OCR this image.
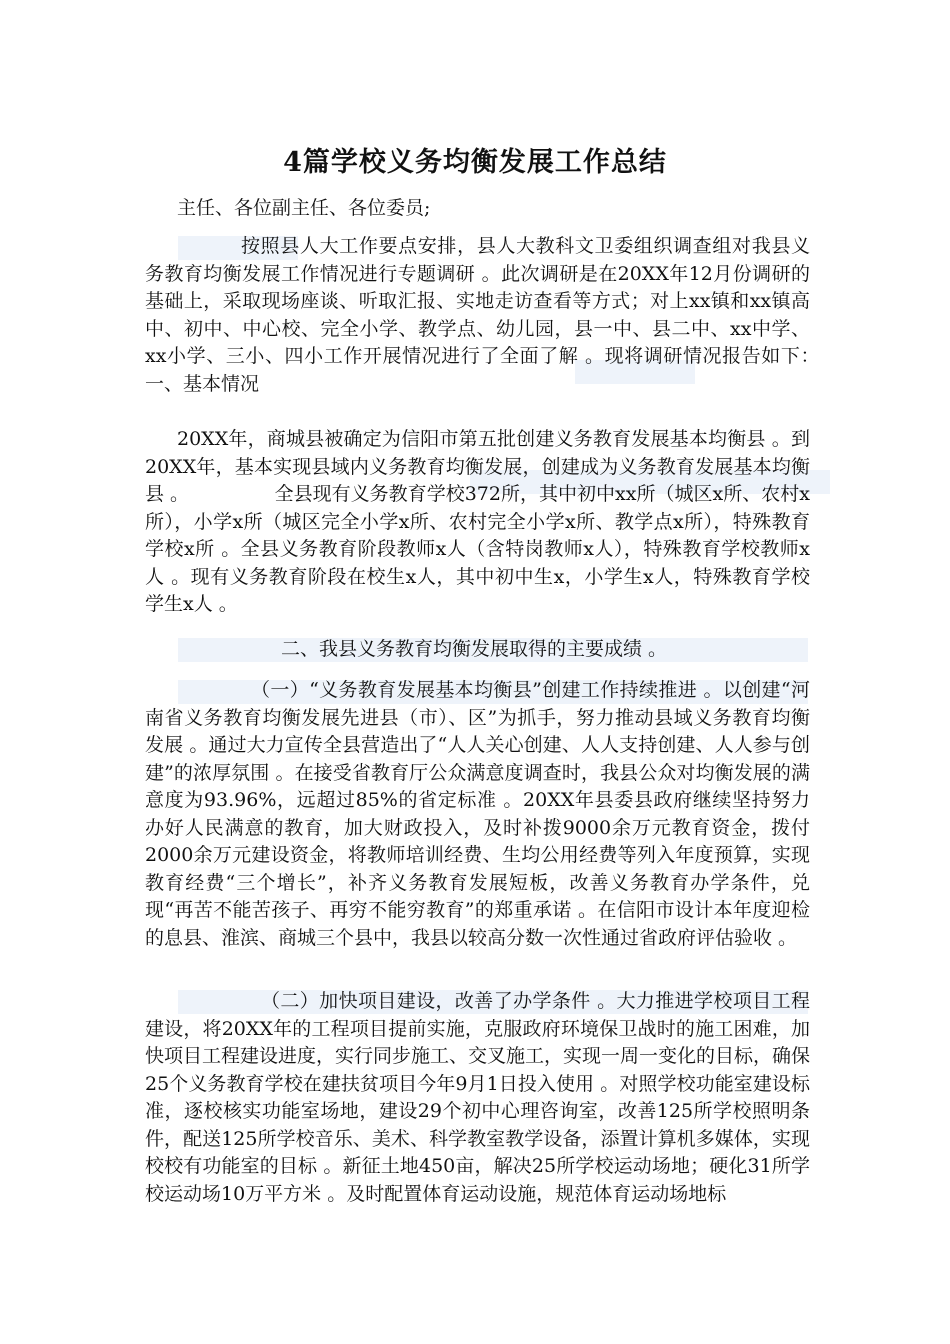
4篇学校义务均衡发展工作总结
主任、各位副主任、各位委员;
按照县人大工作要点安排，县人大教科文卫委组织调查组对我县义务教育均衡发展工作情况进行专题调研 。此次调研是在20XX年12月份调研的基础上，采取现场座谈、听取汇报、实地走访查看等方式；对上xx镇和xx镇高中、初中、中心校、完全小学、教学点、幼儿园，县一中、县二中、xx中学、xx小学、三小、四小工作开展情况进行了全面了解 。现将调研情况报告如下：　　　　　　　一、基本情况
20XX年，商城县被确定为信阳市第五批创建义务教育发展基本均衡县 。到20XX年，基本实现县域内义务教育均衡发展，创建成为义务教育发展基本均衡县 。　　　　　全县现有义务教育学校372所，其中初中xx所（城区x所、农村x所），小学x所（城区完全小学x所、农村完全小学x所、教学点x所），特殊教育学校x所 。全县义务教育阶段教师x人（含特岗教师x人），特殊教育学校教师x人 。现有义务教育阶段在校生x人，其中初中生x，小学生x人，特殊教育学校学生x人 。
二、我县义务教育均衡发展取得的主要成绩 。
（一）“义务教育发展基本均衡县”创建工作持续推进 。以创建“河南省义务教育均衡发展先进县（市）、区”为抓手，努力推动县域义务教育均衡发展 。通过大力宣传全县营造出了“人人关心创建、人人支持创建、人人参与创建”的浓厚氛围 。在接受省教育厅公众满意度调查时，我县公众对均衡发展的满意度为93.96%，远超过85%的省定标准 。20XX年县委县政府继续坚持努力办好人民满意的教育，加大财政投入，及时补拨9000余万元教育资金，拨付2000余万元建设资金，将教师培训经费、生均公用经费等列入年度预算，实现教育经费“三个增长”，补齐义务教育发展短板，改善义务教育办学条件，兑现“再苦不能苦孩子、再穷不能穷教育”的郑重承诺 。在信阳市设计本年度迎检的息县、淮滨、商城三个县中，我县以较高分数一次性通过省政府评估验收 。
（二）加快项目建设，改善了办学条件 。大力推进学校项目工程建设，将20XX年的工程项目提前实施，克服政府环境保卫战时的施工困难，加快项目工程建设进度，实行同步施工、交叉施工，实现一周一变化的目标，确保25个义务教育学校在建扶贫项目今年9月1日投入使用 。对照学校功能室建设标准，逐校核实功能室场地，建设29个初中心理咨询室，改善125所学校照明条件，配送125所学校音乐、美术、科学教室教学设备，添置计算机多媒体，实现校校有功能室的目标 。新征土地450亩，解决25所学校运动场地；硬化31所学校运动场10万平方米 。及时配置体育运动设施，规范体育运动场地标
